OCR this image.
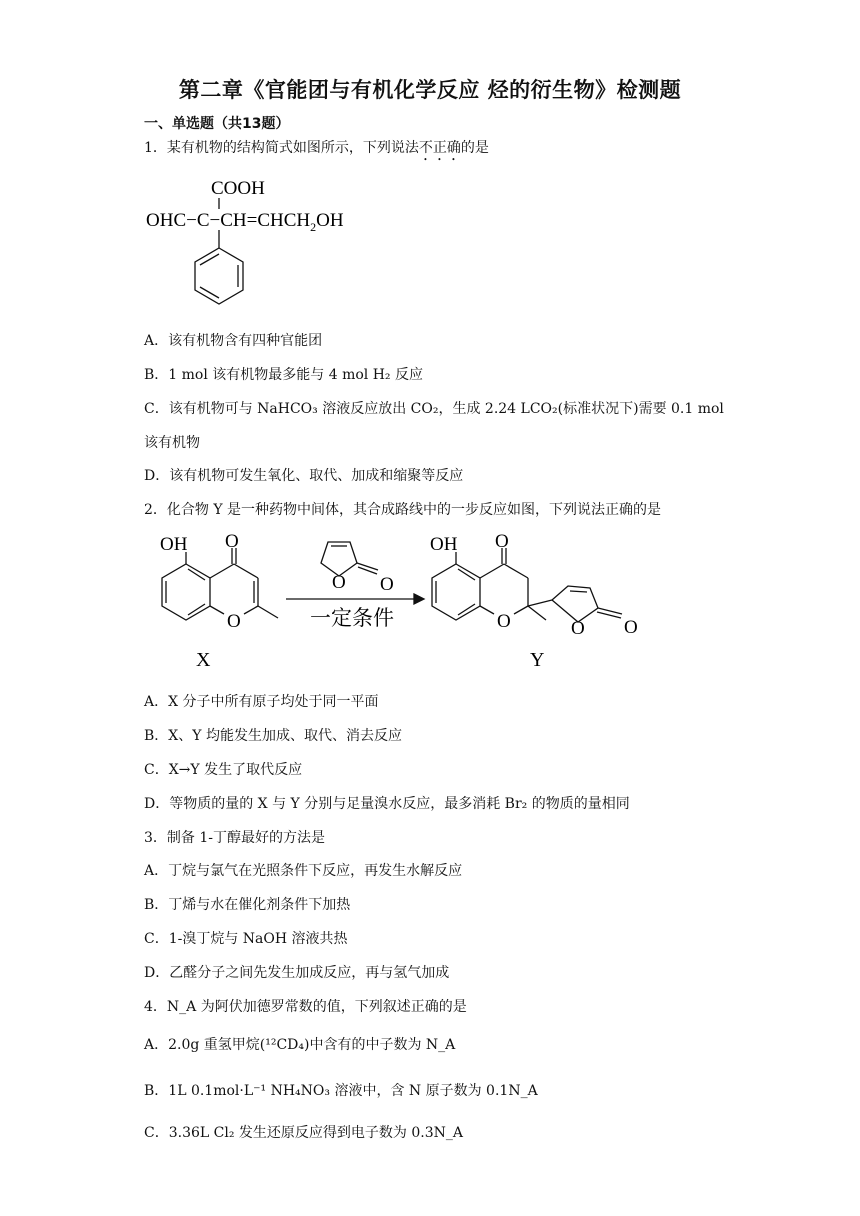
第二章《官能团与有机化学反应 烃的衍生物》检测题
一、单选题（共13题）
1．某有机物的结构简式如图所示，下列说法不正确的是
COOH
$OHC-C-CH=CHCH_2OH$
A．该有机物含有四种官能团
B．1 mol 该有机物最多能与 4 mol H₂ 反应
C．该有机物可与 NaHCO₃ 溶液反应放出 CO₂，生成 2.24 LCO₂(标准状况下)需要 0.1 mol
该有机物
D．该有机物可发生氧化、取代、加成和缩聚等反应
2．化合物 Y 是一种药物中间体，其合成路线中的一步反应如图，下列说法正确的是
OH O
O
X
O O
一定条件
OH O
O	O O
Y
A．X 分子中所有原子均处于同一平面
B．X、Y 均能发生加成、取代、消去反应
C．X→Y 发生了取代反应
D．等物质的量的 X 与 Y 分别与足量溴水反应，最多消耗 Br₂ 的物质的量相同
3．制备 1-丁醇最好的方法是
A．丁烷与氯气在光照条件下反应，再发生水解反应
B．丁烯与水在催化剂条件下加热
C．1-溴丁烷与 NaOH 溶液共热
D．乙醛分子之间先发生加成反应，再与氢气加成
4．N_A 为阿伏加德罗常数的值，下列叙述正确的是
A．2.0g 重氢甲烷(¹²CD₄)中含有的中子数为 N_A
B．1L 0.1mol·L⁻¹ NH₄NO₃ 溶液中，含 N 原子数为 0.1N_A
C．3.36L Cl₂ 发生还原反应得到电子数为 0.3N_A
